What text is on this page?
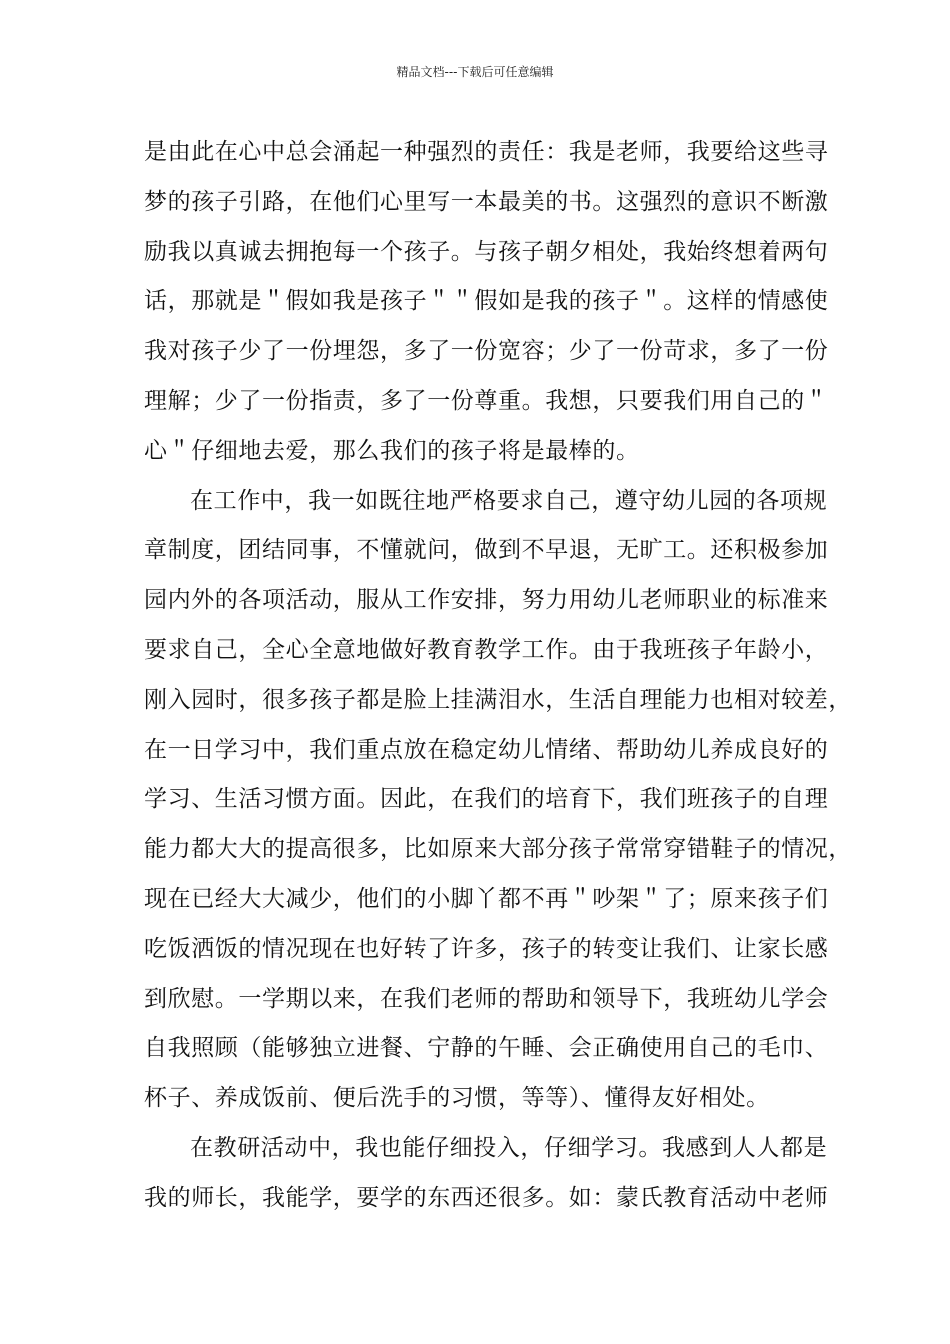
精品文档---下载后可任意编辑
是由此在心中总会涌起一种强烈的责任：我是老师，我要给这些寻
梦的孩子引路，在他们心里写一本最美的书。这强烈的意识不断激
励我以真诚去拥抱每一个孩子。与孩子朝夕相处，我始终想着两句
话，那就是＂假如我是孩子＂＂假如是我的孩子＂。这样的情感使
我对孩子少了一份埋怨，多了一份宽容；少了一份苛求，多了一份
理解；少了一份指责，多了一份尊重。我想，只要我们用自己的＂
心＂仔细地去爱，那么我们的孩子将是最棒的。
在工作中，我一如既往地严格要求自己，遵守幼儿园的各项规
章制度，团结同事，不懂就问，做到不早退，无旷工。还积极参加
园内外的各项活动，服从工作安排，努力用幼儿老师职业的标准来
要求自己，全心全意地做好教育教学工作。由于我班孩子年龄小，
刚入园时，很多孩子都是脸上挂满泪水，生活自理能力也相对较差，
在一日学习中，我们重点放在稳定幼儿情绪、帮助幼儿养成良好的
学习、生活习惯方面。因此，在我们的培育下，我们班孩子的自理
能力都大大的提高很多，比如原来大部分孩子常常穿错鞋子的情况，
现在已经大大减少，他们的小脚丫都不再＂吵架＂了；原来孩子们
吃饭洒饭的情况现在也好转了许多，孩子的转变让我们、让家长感
到欣慰。一学期以来，在我们老师的帮助和领导下，我班幼儿学会
自我照顾（能够独立进餐、宁静的午睡、会正确使用自己的毛巾、
杯子、养成饭前、便后洗手的习惯，等等）、懂得友好相处。
在教研活动中，我也能仔细投入，仔细学习。我感到人人都是
我的师长，我能学，要学的东西还很多。如：蒙氏教育活动中老师
